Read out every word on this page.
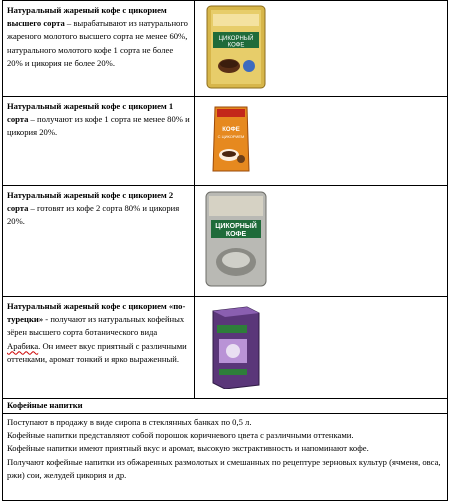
Натуральный жареный кофе с цикорием высшего сорта – вырабатывают из натурального жареного молотого высшего сорта не менее 60%, натурального молотого кофе 1 сорта не более 20% и цикория не более 20%.	ЦИКОРНЫЙ
КОФЕ

Натуральный жареный кофе с цикорием 1 сорта – получают из кофе 1 сорта не менее 80% и цикория 20%.	КОФЕ
С ЦИКОРИЕМ

Натуральный жареный кофе с цикорием 2 сорта – готовят из кофе 2 сорта 80% и цикория 20%.	ЦИКОРНЫЙ
КОФЕ

Натуральный жареный кофе с цикорием «по-турецки» - получают из натуральных кофейных зёрен высшего сорта ботанического вида Арабика. Он имеет вкус приятный с различными оттенками, аромат тонкий и ярко выраженный.	

Кофейные напитки	

Поступают в продажу в виде сиропа в стеклянных банках по 0,5 л.
Кофейные напитки представляют собой порошок коричневого цвета с различными оттенками.
Кофейные напитки имеют приятный вкус и аромат, высокую экстрактивность и напоминают кофе.
Получают кофейные напитки из обжаренных размолотых и смешанных по рецептуре зерновых культур (ячменя, овса, ржи) сои, желудей цикория и др.	
